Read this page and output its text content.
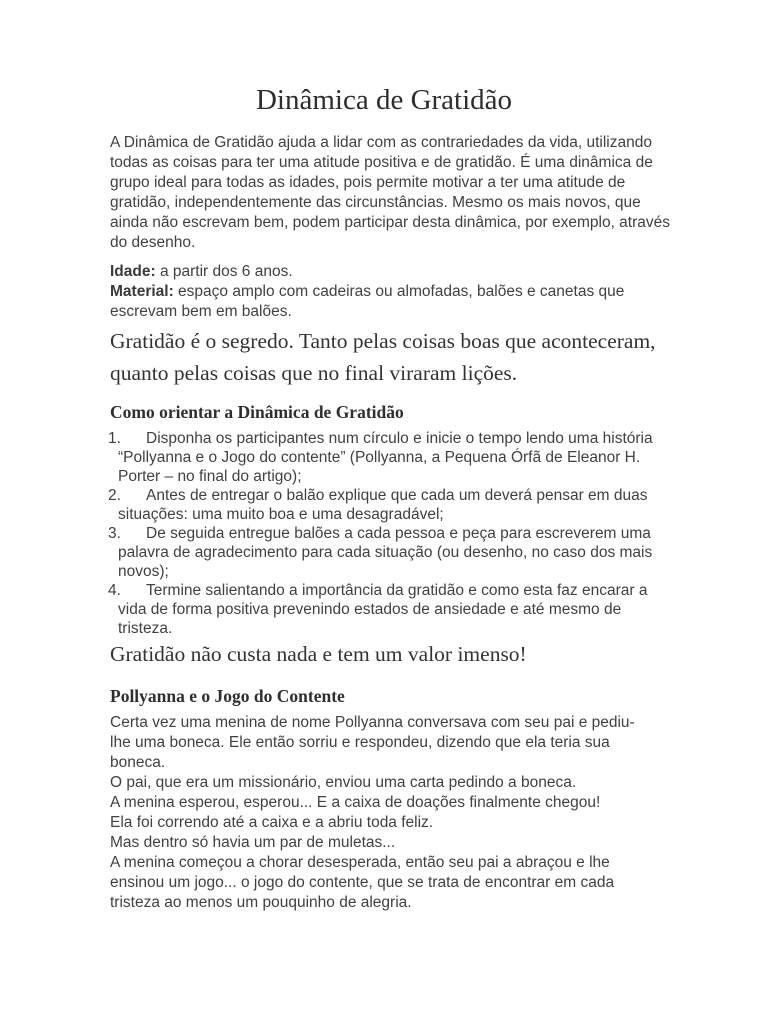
Dinâmica de Gratidão
A Dinâmica de Gratidão ajuda a lidar com as contrariedades da vida, utilizando
todas as coisas para ter uma atitude positiva e de gratidão. É uma dinâmica de
grupo ideal para todas as idades, pois permite motivar a ter uma atitude de
gratidão, independentemente das circunstâncias. Mesmo os mais novos, que
ainda não escrevam bem, podem participar desta dinâmica, por exemplo, através
do desenho.
Idade: a partir dos 6 anos.
Material: espaço amplo com cadeiras ou almofadas, balões e canetas que
escrevam bem em balões.
Gratidão é o segredo. Tanto pelas coisas boas que aconteceram,
quanto pelas coisas que no final viraram lições.
Como orientar a Dinâmica de Gratidão
1.	Disponha os participantes num círculo e inicie o tempo lendo uma história
“Pollyanna e o Jogo do contente” (Pollyanna, a Pequena Órfã de Eleanor H.
Porter – no final do artigo);
2.	Antes de entregar o balão explique que cada um deverá pensar em duas
situações: uma muito boa e uma desagradável;
3.	De seguida entregue balões a cada pessoa e peça para escreverem uma
palavra de agradecimento para cada situação (ou desenho, no caso dos mais
novos);
4.	Termine salientando a importância da gratidão e como esta faz encarar a
vida de forma positiva prevenindo estados de ansiedade e até mesmo de
tristeza.
Gratidão não custa nada e tem um valor imenso!
Pollyanna e o Jogo do Contente
Certa vez uma menina de nome Pollyanna conversava com seu pai e pediu-
lhe uma boneca. Ele então sorriu e respondeu, dizendo que ela teria sua
boneca.
O pai, que era um missionário, enviou uma carta pedindo a boneca.
A menina esperou, esperou... E a caixa de doações finalmente chegou!
Ela foi correndo até a caixa e a abriu toda feliz.
Mas dentro só havia um par de muletas...
A menina começou a chorar desesperada, então seu pai a abraçou e lhe
ensinou um jogo... o jogo do contente, que se trata de encontrar em cada
tristeza ao menos um pouquinho de alegria.
